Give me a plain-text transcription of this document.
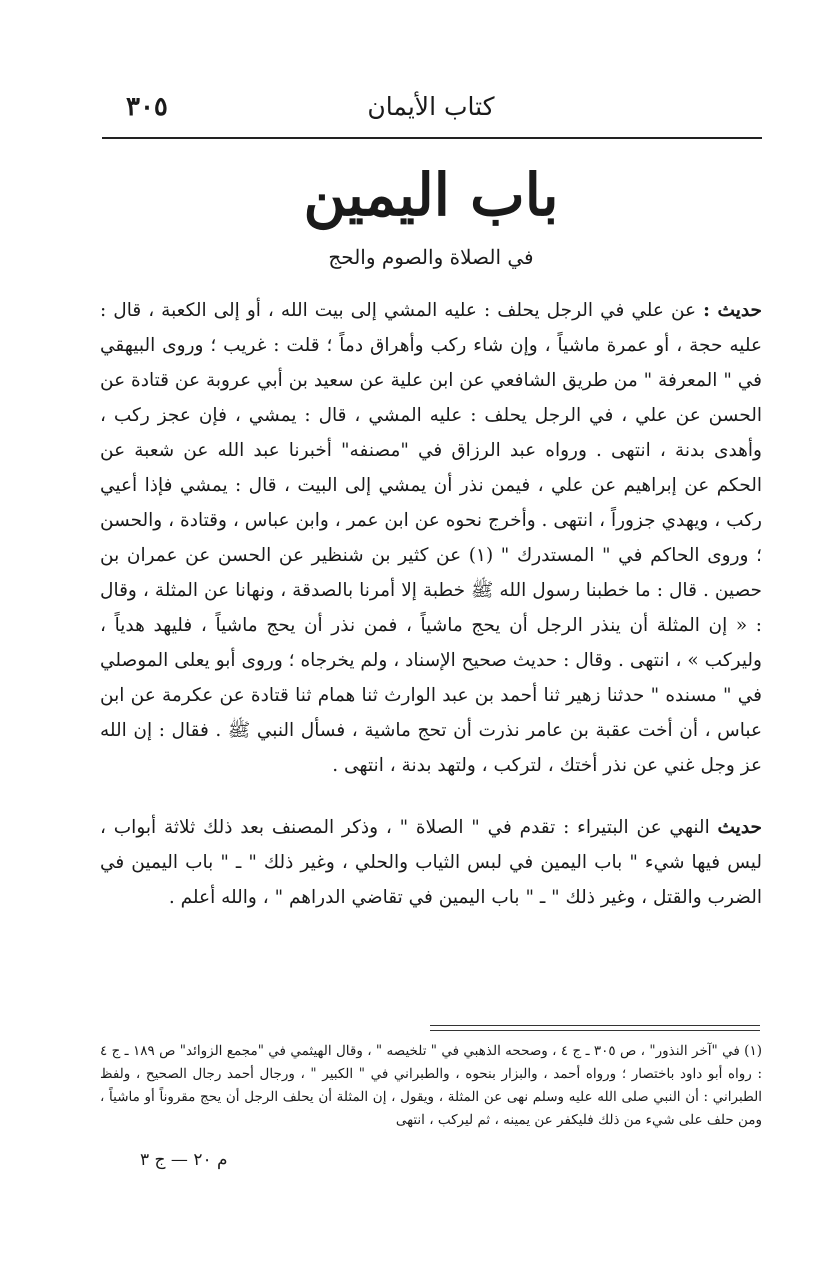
كتاب الأيمان
٣٠٥
باب اليمين
في الصلاة والصوم والحج

حديث : عن علي في الرجل يحلف : عليه المشي إلى بيت الله ، أو إلى الكعبة ، قال : عليه حجة ، أو عمرة ماشياً ، وإن شاء ركب وأهراق دماً ؛ قلت : غريب ؛ وروى البيهقي في " المعرفة " من طريق الشافعي عن ابن علية عن سعيد بن أبي عروبة عن قتادة عن الحسن عن علي ، في الرجل يحلف : عليه المشي ، قال : يمشي ، فإن عجز ركب ، وأهدى بدنة ، انتهى . ورواه عبد الرزاق في "مصنفه" أخبرنا عبد الله عن شعبة عن الحكم عن إبراهيم عن علي ، فيمن نذر أن يمشي إلى البيت ، قال : يمشي فإذا أعيي ركب ، ويهدي جزوراً ، انتهى . وأخرج نحوه عن ابن عمر ، وابن عباس ، وقتادة ، والحسن ؛ وروى الحاكم في " المستدرك " (١) عن كثير بن شنظير عن الحسن عن عمران بن حصين . قال : ما خطبنا رسول الله ﷺ خطبة إلا أمرنا بالصدقة ، ونهانا عن المثلة ، وقال : « إن المثلة أن ينذر الرجل أن يحج ماشياً ، فمن نذر أن يحج ماشياً ، فليهد هدياً ، وليركب » ، انتهى . وقال : حديث صحيح الإسناد ، ولم يخرجاه ؛ وروى أبو يعلى الموصلي في " مسنده " حدثنا زهير ثنا أحمد بن عبد الوارث ثنا همام ثنا قتادة عن عكرمة عن ابن عباس ، أن أخت عقبة بن عامر نذرت أن تحج ماشية ، فسأل النبي ﷺ . فقال : إن الله عز وجل غني عن نذر أختك ، لتركب ، ولتهد بدنة ، انتهى .

حديث النهي عن البتيراء : تقدم في " الصلاة " ، وذكر المصنف بعد ذلك ثلاثة أبواب ، ليس فيها شيء " باب اليمين في لبس الثياب والحلي ، وغير ذلك " ـ " باب اليمين في الضرب والقتل ، وغير ذلك " ـ " باب اليمين في تقاضي الدراهم " ، والله أعلم .

(١) في "آخر النذور" ، ص ٣٠٥ ـ ج ٤ ، وصححه الذهبي في " تلخيصه " ، وقال الهيثمي في "مجمع الزوائد" ص ١٨٩ ـ ج ٤ : رواه أبو داود باختصار ؛ ورواه أحمد ، والبزار بنحوه ، والطبراني في " الكبير " ، ورجال أحمد رجال الصحيح ، ولفظ الطبراني : أن النبي صلى الله عليه وسلم نهى عن المثلة ، ويقول ، إن المثلة أن يحلف الرجل أن يحج مقروناً أو ماشياً ، ومن حلف على شيء من ذلك فليكفر عن يمينه ، ثم ليركب ، انتهى

م ٢٠ — ج ٣
